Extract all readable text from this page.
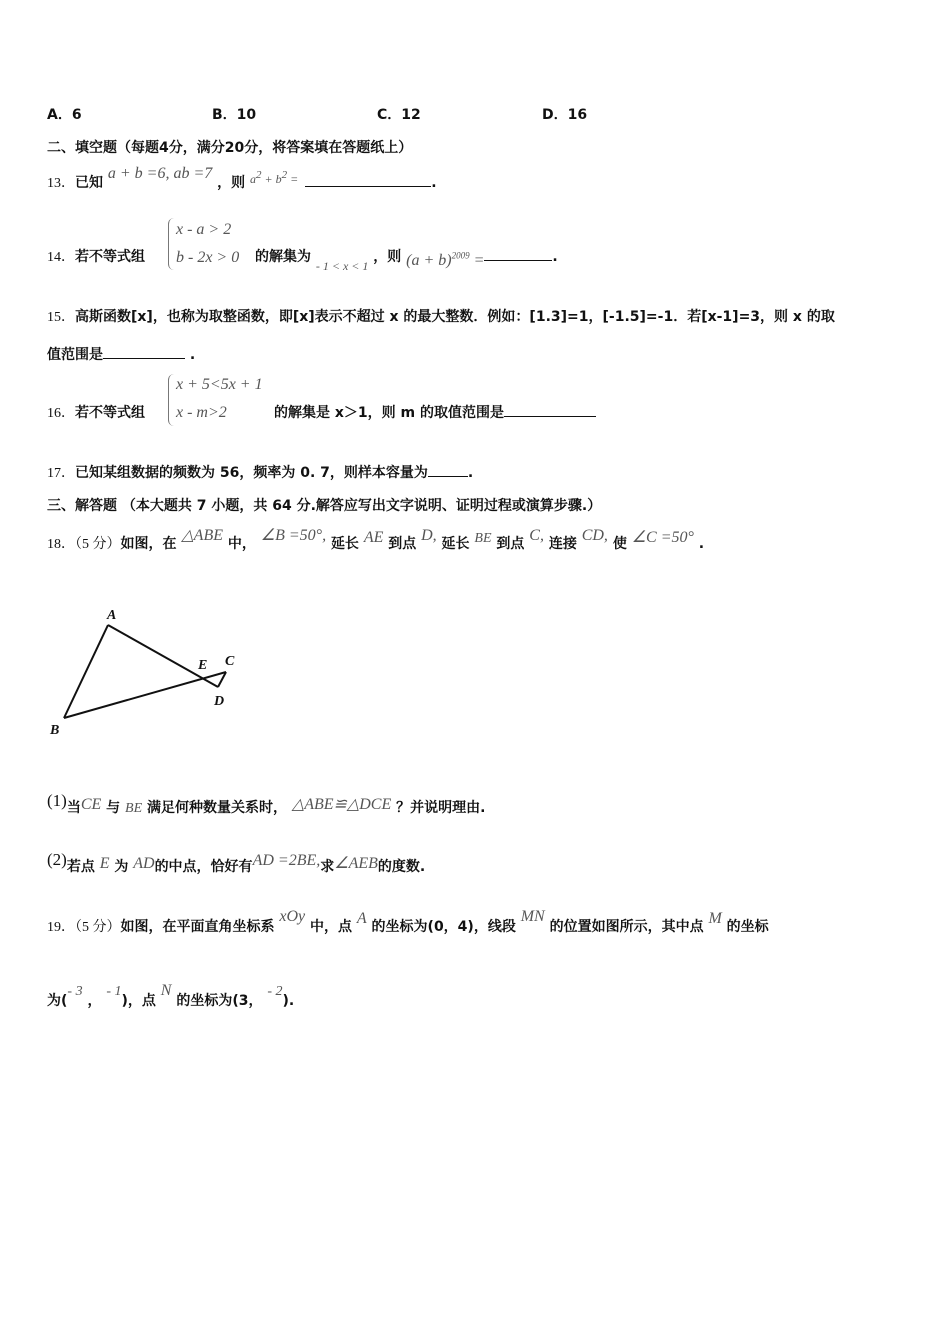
A．6	B．10	C．12	D．16
二、填空题（每题4分，满分20分，将答案填在答题纸上）
13．已知 a + b =6, ab =7 ，则 a2 + b2 =	.
14．若不等式组
x - a > 2
b - 2x > 0 的解集为 - 1 < x < 1 ，则 $(a + b)^{2009}$ =	.
15．高斯函数[x]，也称为取整函数，即[x]表示不超过 x 的最大整数．例如：[1.3]=1，[-1.5]=-1．若[x-1]=3，则 x 的取
值范围是	.
16．若不等式组
x + 5<5x + 1
x - m>2	的解集是 x＞1，则 m 的取值范围是
17．已知某组数据的频数为 56，频率为 0. 7，则样本容量为	.
三、解答题 （本大题共 7 小题，共 64 分.解答应写出文字说明、证明过程或演算步骤.）
18．（5 分）如图，在 △ABE 中， ∠B =50°, 延长 AE 到点 D, 延长 BE 到点 C, 连接 CD, 使 ∠C =50° .
A
B
E C
D
(1)当CE 与 BE 满足何种数量关系时， △ABE≌△DCE ？并说明理由.
(2)若点 E 为 AD的中点，恰好有AD =2BE,求∠AEB的度数.
19．（5 分）如图，在平面直角坐标系 xOy 中，点 A 的坐标为(0，4)，线段 MN 的位置如图所示，其中点 M 的坐标
为(- 3 ， - 1)，点 N 的坐标为(3， - 2).
